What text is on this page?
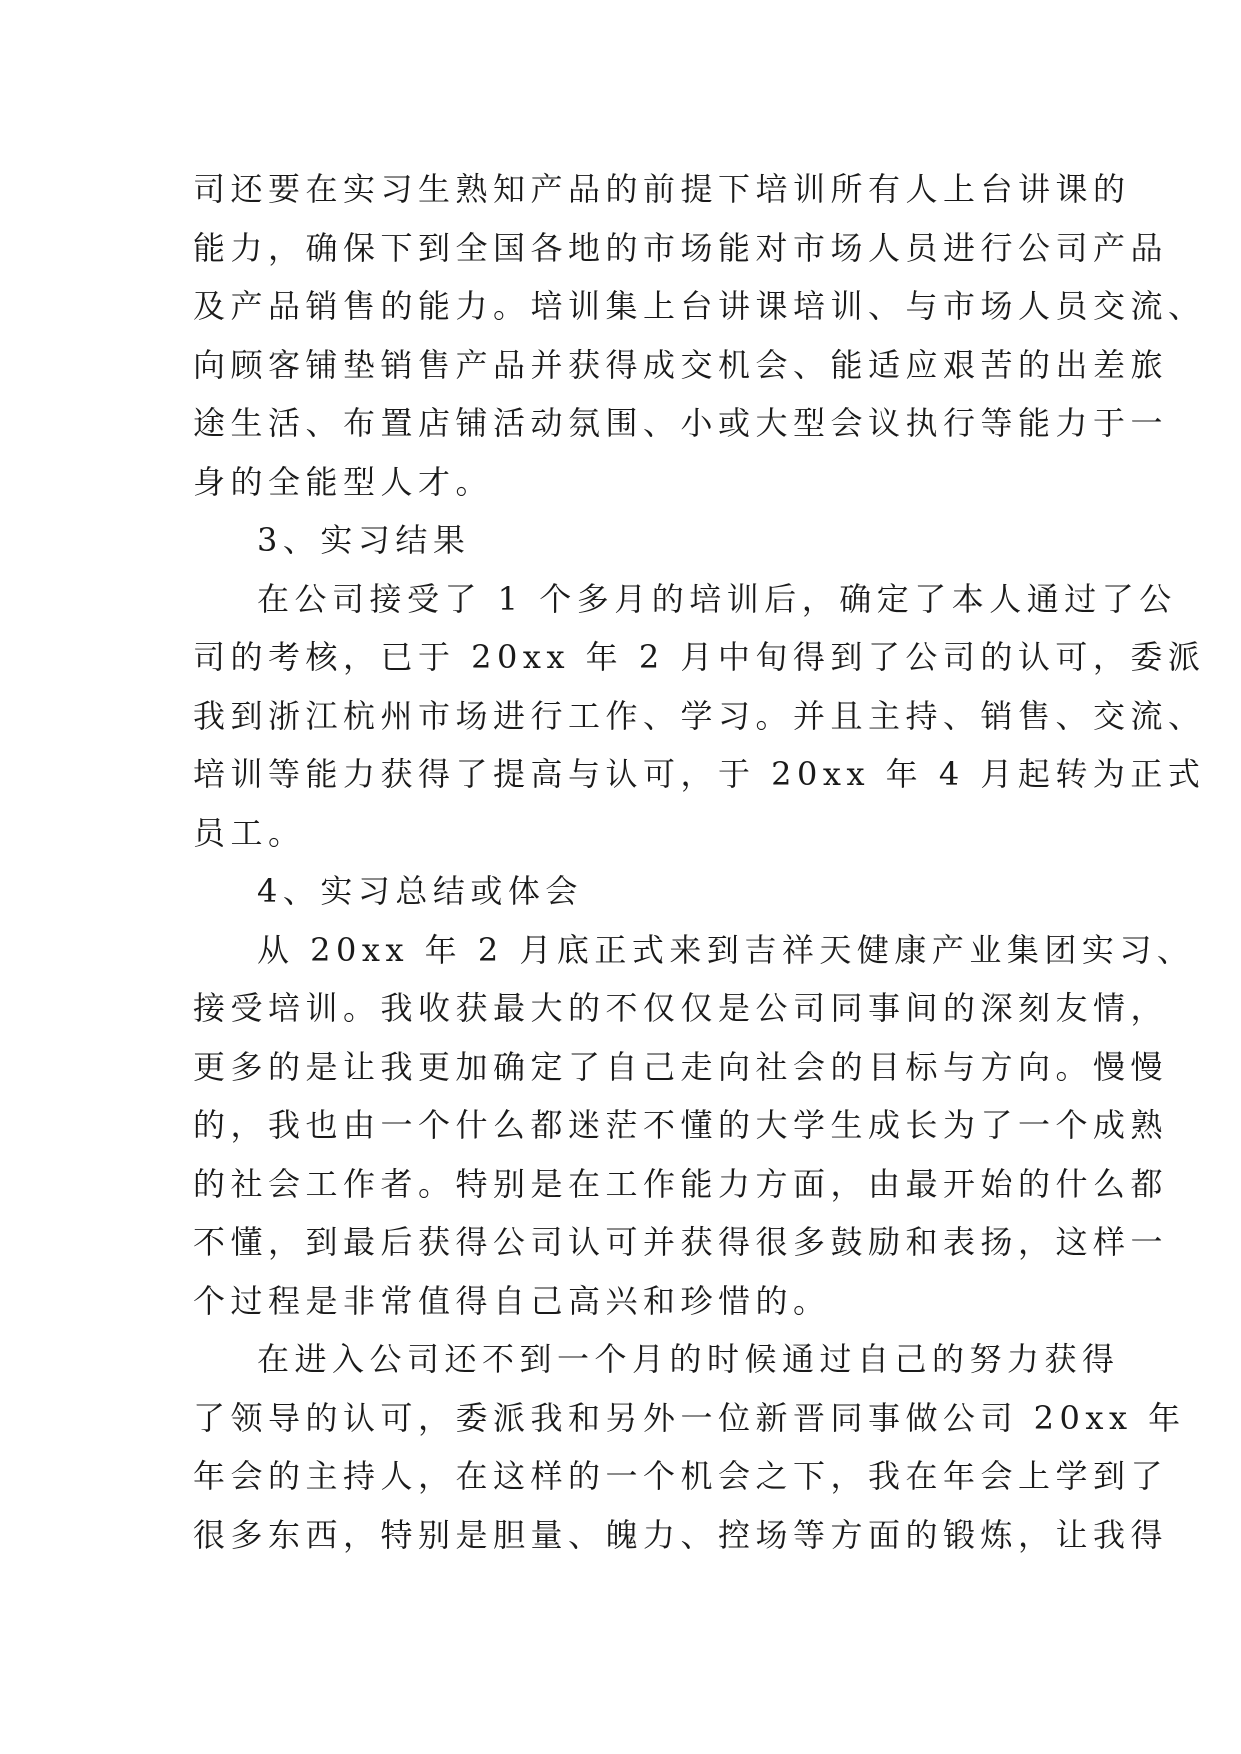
司还要在实习生熟知产品的前提下培训所有人上台讲课的
能力，确保下到全国各地的市场能对市场人员进行公司产品
及产品销售的能力。培训集上台讲课培训、与市场人员交流、
向顾客铺垫销售产品并获得成交机会、能适应艰苦的出差旅
途生活、布置店铺活动氛围、小或大型会议执行等能力于一
身的全能型人才。
3、实习结果
在公司接受了 1 个多月的培训后，确定了本人通过了公
司的考核，已于 20xx 年 2 月中旬得到了公司的认可，委派
我到浙江杭州市场进行工作、学习。并且主持、销售、交流、
培训等能力获得了提高与认可，于 20xx 年 4 月起转为正式
员工。
4、实习总结或体会
从 20xx 年 2 月底正式来到吉祥天健康产业集团实习、
接受培训。我收获最大的不仅仅是公司同事间的深刻友情，
更多的是让我更加确定了自己走向社会的目标与方向。慢慢
的，我也由一个什么都迷茫不懂的大学生成长为了一个成熟
的社会工作者。特别是在工作能力方面，由最开始的什么都
不懂，到最后获得公司认可并获得很多鼓励和表扬，这样一
个过程是非常值得自己高兴和珍惜的。
在进入公司还不到一个月的时候通过自己的努力获得
了领导的认可，委派我和另外一位新晋同事做公司 20xx 年
年会的主持人，在这样的一个机会之下，我在年会上学到了
很多东西，特别是胆量、魄力、控场等方面的锻炼，让我得
